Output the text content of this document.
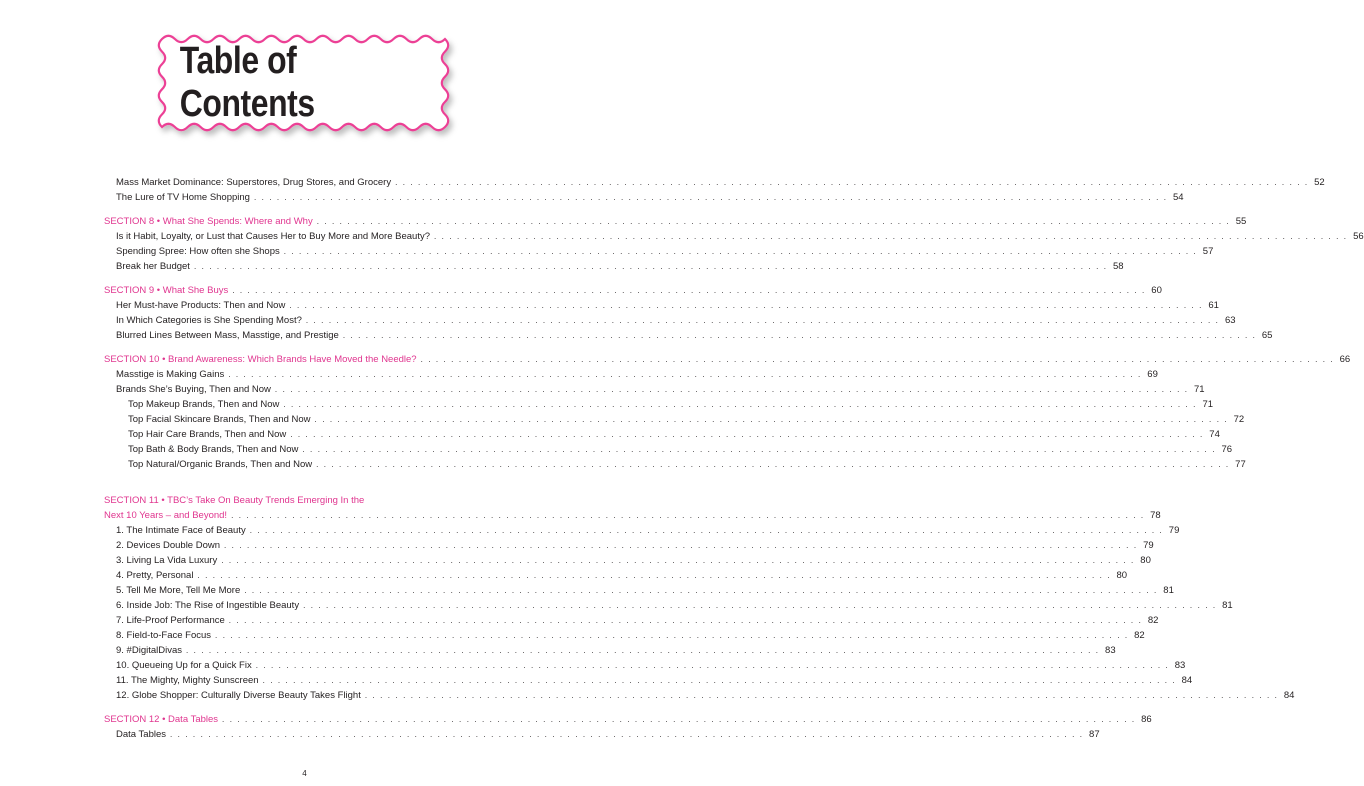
Table of Contents
Mass Market Dominance: Superstores, Drug Stores, and Grocery . . . . . . . . . . . . . . . . . . . . . . . . . . . . . . . . . . . . . . . . . . . . . . . . . . . . . . . . . . . . . . . . . . . . . . . . . . . . . . . . . . . . . . . . . . . . . . . . . . . . . . . . . . . . . . . . . . . . . . . . 52
The Lure of TV Home Shopping . . . . . . . . . . . . . . . . . . . . . . . . . . . . . . . . . . . . . . . . . . . . . . . . . . . . . . . . . . . . . . . . . . . . . . . . . . . . . . . . . . . . . . . . . . . . . . . . . . . . . . . . . . . . . . . . . . . . . . . . 54
SECTION 8 • What She Spends: Where and Why . . . . . . . . . . . . . . . . . . . . . . . . . . . . . . . . . . . . . . . . . . . . . . . . . . . . . . . . . . . . . . . . . . . . . . . . . . . . . . . . . . . . . . . . . . . . . . . . . . . . . . . . . . . . . . . . . . . . . . . . 55
Is it Habit, Loyalty, or Lust that Causes Her to Buy More and More Beauty? . . . . . . . . . . . . . . . . . . . . . . . . . . . . . . . . . . . . . . . . . . . . . . . . . . . . . . . . . . . . . . . . . . . . . . . . . . . . . . . . . . . . . . . . . . . . . . . . . . . . . . . . . . . . . . . . . . . . . . . . 56
Spending Spree: How often she Shops . . . . . . . . . . . . . . . . . . . . . . . . . . . . . . . . . . . . . . . . . . . . . . . . . . . . . . . . . . . . . . . . . . . . . . . . . . . . . . . . . . . . . . . . . . . . . . . . . . . . . . . . . . . . . . . . . . . . . . . . 57
Break her Budget . . . . . . . . . . . . . . . . . . . . . . . . . . . . . . . . . . . . . . . . . . . . . . . . . . . . . . . . . . . . . . . . . . . . . . . . . . . . . . . . . . . . . . . . . . . . . . . . . . . . . . . . . . . . . . . . . . . . . . . . 58
SECTION 9 • What She Buys . . . . . . . . . . . . . . . . . . . . . . . . . . . . . . . . . . . . . . . . . . . . . . . . . . . . . . . . . . . . . . . . . . . . . . . . . . . . . . . . . . . . . . . . . . . . . . . . . . . . . . . . . . . . . . . . . . . . . . . . 60
Her Must-have Products: Then and Now . . . . . . . . . . . . . . . . . . . . . . . . . . . . . . . . . . . . . . . . . . . . . . . . . . . . . . . . . . . . . . . . . . . . . . . . . . . . . . . . . . . . . . . . . . . . . . . . . . . . . . . . . . . . . . . . . . . . . . . . 61
In Which Categories is She Spending Most? . . . . . . . . . . . . . . . . . . . . . . . . . . . . . . . . . . . . . . . . . . . . . . . . . . . . . . . . . . . . . . . . . . . . . . . . . . . . . . . . . . . . . . . . . . . . . . . . . . . . . . . . . . . . . . . . . . . . . . . . 63
Blurred Lines Between Mass, Masstige, and Prestige . . . . . . . . . . . . . . . . . . . . . . . . . . . . . . . . . . . . . . . . . . . . . . . . . . . . . . . . . . . . . . . . . . . . . . . . . . . . . . . . . . . . . . . . . . . . . . . . . . . . . . . . . . . . . . . . . . . . . . . . 65
SECTION 10 • Brand Awareness: Which Brands Have Moved the Needle? . . . . . . . . . . . . . . . . . . . . . . . . . . . . . . . . . . . . . . . . . . . . . . . . . . . . . . . . . . . . . . . . . . . . . . . . . . . . . . . . . . . . . . . . . . . . . . . . . . . . . . . . . . . . . . . . . . . . . . . . 66
Masstige is Making Gains . . . . . . . . . . . . . . . . . . . . . . . . . . . . . . . . . . . . . . . . . . . . . . . . . . . . . . . . . . . . . . . . . . . . . . . . . . . . . . . . . . . . . . . . . . . . . . . . . . . . . . . . . . . . . . . . . . . . . . . . 69
Brands She’s Buying, Then and Now . . . . . . . . . . . . . . . . . . . . . . . . . . . . . . . . . . . . . . . . . . . . . . . . . . . . . . . . . . . . . . . . . . . . . . . . . . . . . . . . . . . . . . . . . . . . . . . . . . . . . . . . . . . . . . . . . . . . . . . . 71
Top Makeup Brands, Then and Now . . . . . . . . . . . . . . . . . . . . . . . . . . . . . . . . . . . . . . . . . . . . . . . . . . . . . . . . . . . . . . . . . . . . . . . . . . . . . . . . . . . . . . . . . . . . . . . . . . . . . . . . . . . . . . . . . . . . . . . . 71
Top Facial Skincare Brands, Then and Now . . . . . . . . . . . . . . . . . . . . . . . . . . . . . . . . . . . . . . . . . . . . . . . . . . . . . . . . . . . . . . . . . . . . . . . . . . . . . . . . . . . . . . . . . . . . . . . . . . . . . . . . . . . . . . . . . . . . . . . . 72
Top Hair Care Brands, Then and Now . . . . . . . . . . . . . . . . . . . . . . . . . . . . . . . . . . . . . . . . . . . . . . . . . . . . . . . . . . . . . . . . . . . . . . . . . . . . . . . . . . . . . . . . . . . . . . . . . . . . . . . . . . . . . . . . . . . . . . . . 74
Top Bath & Body Brands, Then and Now . . . . . . . . . . . . . . . . . . . . . . . . . . . . . . . . . . . . . . . . . . . . . . . . . . . . . . . . . . . . . . . . . . . . . . . . . . . . . . . . . . . . . . . . . . . . . . . . . . . . . . . . . . . . . . . . . . . . . . . . 76
Top Natural/Organic Brands, Then and Now . . . . . . . . . . . . . . . . . . . . . . . . . . . . . . . . . . . . . . . . . . . . . . . . . . . . . . . . . . . . . . . . . . . . . . . . . . . . . . . . . . . . . . . . . . . . . . . . . . . . . . . . . . . . . . . . . . . . . . . . 77
SECTION 11 • TBC’s Take On Beauty Trends Emerging In the
Next 10 Years – and Beyond! . . . . . . . . . . . . . . . . . . . . . . . . . . . . . . . . . . . . . . . . . . . . . . . . . . . . . . . . . . . . . . . . . . . . . . . . . . . . . . . . . . . . . . . . . . . . . . . . . . . . . . . . . . . . . . . . . . . . . . . . 78
1. The Intimate Face of Beauty . . . . . . . . . . . . . . . . . . . . . . . . . . . . . . . . . . . . . . . . . . . . . . . . . . . . . . . . . . . . . . . . . . . . . . . . . . . . . . . . . . . . . . . . . . . . . . . . . . . . . . . . . . . . . . . . . . . . . . . . 79
2. Devices Double Down . . . . . . . . . . . . . . . . . . . . . . . . . . . . . . . . . . . . . . . . . . . . . . . . . . . . . . . . . . . . . . . . . . . . . . . . . . . . . . . . . . . . . . . . . . . . . . . . . . . . . . . . . . . . . . . . . . . . . . . . 79
3. Living La Vida Luxury . . . . . . . . . . . . . . . . . . . . . . . . . . . . . . . . . . . . . . . . . . . . . . . . . . . . . . . . . . . . . . . . . . . . . . . . . . . . . . . . . . . . . . . . . . . . . . . . . . . . . . . . . . . . . . . . . . . . . . . . 80
4. Pretty, Personal . . . . . . . . . . . . . . . . . . . . . . . . . . . . . . . . . . . . . . . . . . . . . . . . . . . . . . . . . . . . . . . . . . . . . . . . . . . . . . . . . . . . . . . . . . . . . . . . . . . . . . . . . . . . . . . . . . . . . . . . 80
5. Tell Me More, Tell Me More . . . . . . . . . . . . . . . . . . . . . . . . . . . . . . . . . . . . . . . . . . . . . . . . . . . . . . . . . . . . . . . . . . . . . . . . . . . . . . . . . . . . . . . . . . . . . . . . . . . . . . . . . . . . . . . . . . . . . . . . 81
6. Inside Job: The Rise of Ingestible Beauty . . . . . . . . . . . . . . . . . . . . . . . . . . . . . . . . . . . . . . . . . . . . . . . . . . . . . . . . . . . . . . . . . . . . . . . . . . . . . . . . . . . . . . . . . . . . . . . . . . . . . . . . . . . . . . . . . . . . . . . . 81
7. Life-Proof Performance . . . . . . . . . . . . . . . . . . . . . . . . . . . . . . . . . . . . . . . . . . . . . . . . . . . . . . . . . . . . . . . . . . . . . . . . . . . . . . . . . . . . . . . . . . . . . . . . . . . . . . . . . . . . . . . . . . . . . . . . 82
8. Field-to-Face Focus . . . . . . . . . . . . . . . . . . . . . . . . . . . . . . . . . . . . . . . . . . . . . . . . . . . . . . . . . . . . . . . . . . . . . . . . . . . . . . . . . . . . . . . . . . . . . . . . . . . . . . . . . . . . . . . . . . . . . . . . 82
9. #DigitalDivas . . . . . . . . . . . . . . . . . . . . . . . . . . . . . . . . . . . . . . . . . . . . . . . . . . . . . . . . . . . . . . . . . . . . . . . . . . . . . . . . . . . . . . . . . . . . . . . . . . . . . . . . . . . . . . . . . . . . . . . . 83
10. Queueing Up for a Quick Fix . . . . . . . . . . . . . . . . . . . . . . . . . . . . . . . . . . . . . . . . . . . . . . . . . . . . . . . . . . . . . . . . . . . . . . . . . . . . . . . . . . . . . . . . . . . . . . . . . . . . . . . . . . . . . . . . . . . . . . . . 83
11. The Mighty, Mighty Sunscreen . . . . . . . . . . . . . . . . . . . . . . . . . . . . . . . . . . . . . . . . . . . . . . . . . . . . . . . . . . . . . . . . . . . . . . . . . . . . . . . . . . . . . . . . . . . . . . . . . . . . . . . . . . . . . . . . . . . . . . . . 84
12. Globe Shopper: Culturally Diverse Beauty Takes Flight . . . . . . . . . . . . . . . . . . . . . . . . . . . . . . . . . . . . . . . . . . . . . . . . . . . . . . . . . . . . . . . . . . . . . . . . . . . . . . . . . . . . . . . . . . . . . . . . . . . . . . . . . . . . . . . . . . . . . . . . 84
SECTION 12 • Data Tables . . . . . . . . . . . . . . . . . . . . . . . . . . . . . . . . . . . . . . . . . . . . . . . . . . . . . . . . . . . . . . . . . . . . . . . . . . . . . . . . . . . . . . . . . . . . . . . . . . . . . . . . . . . . . . . . . . . . . . . . 86
Data Tables . . . . . . . . . . . . . . . . . . . . . . . . . . . . . . . . . . . . . . . . . . . . . . . . . . . . . . . . . . . . . . . . . . . . . . . . . . . . . . . . . . . . . . . . . . . . . . . . . . . . . . . . . . . . . . . . . . . . . . . . 87
4
